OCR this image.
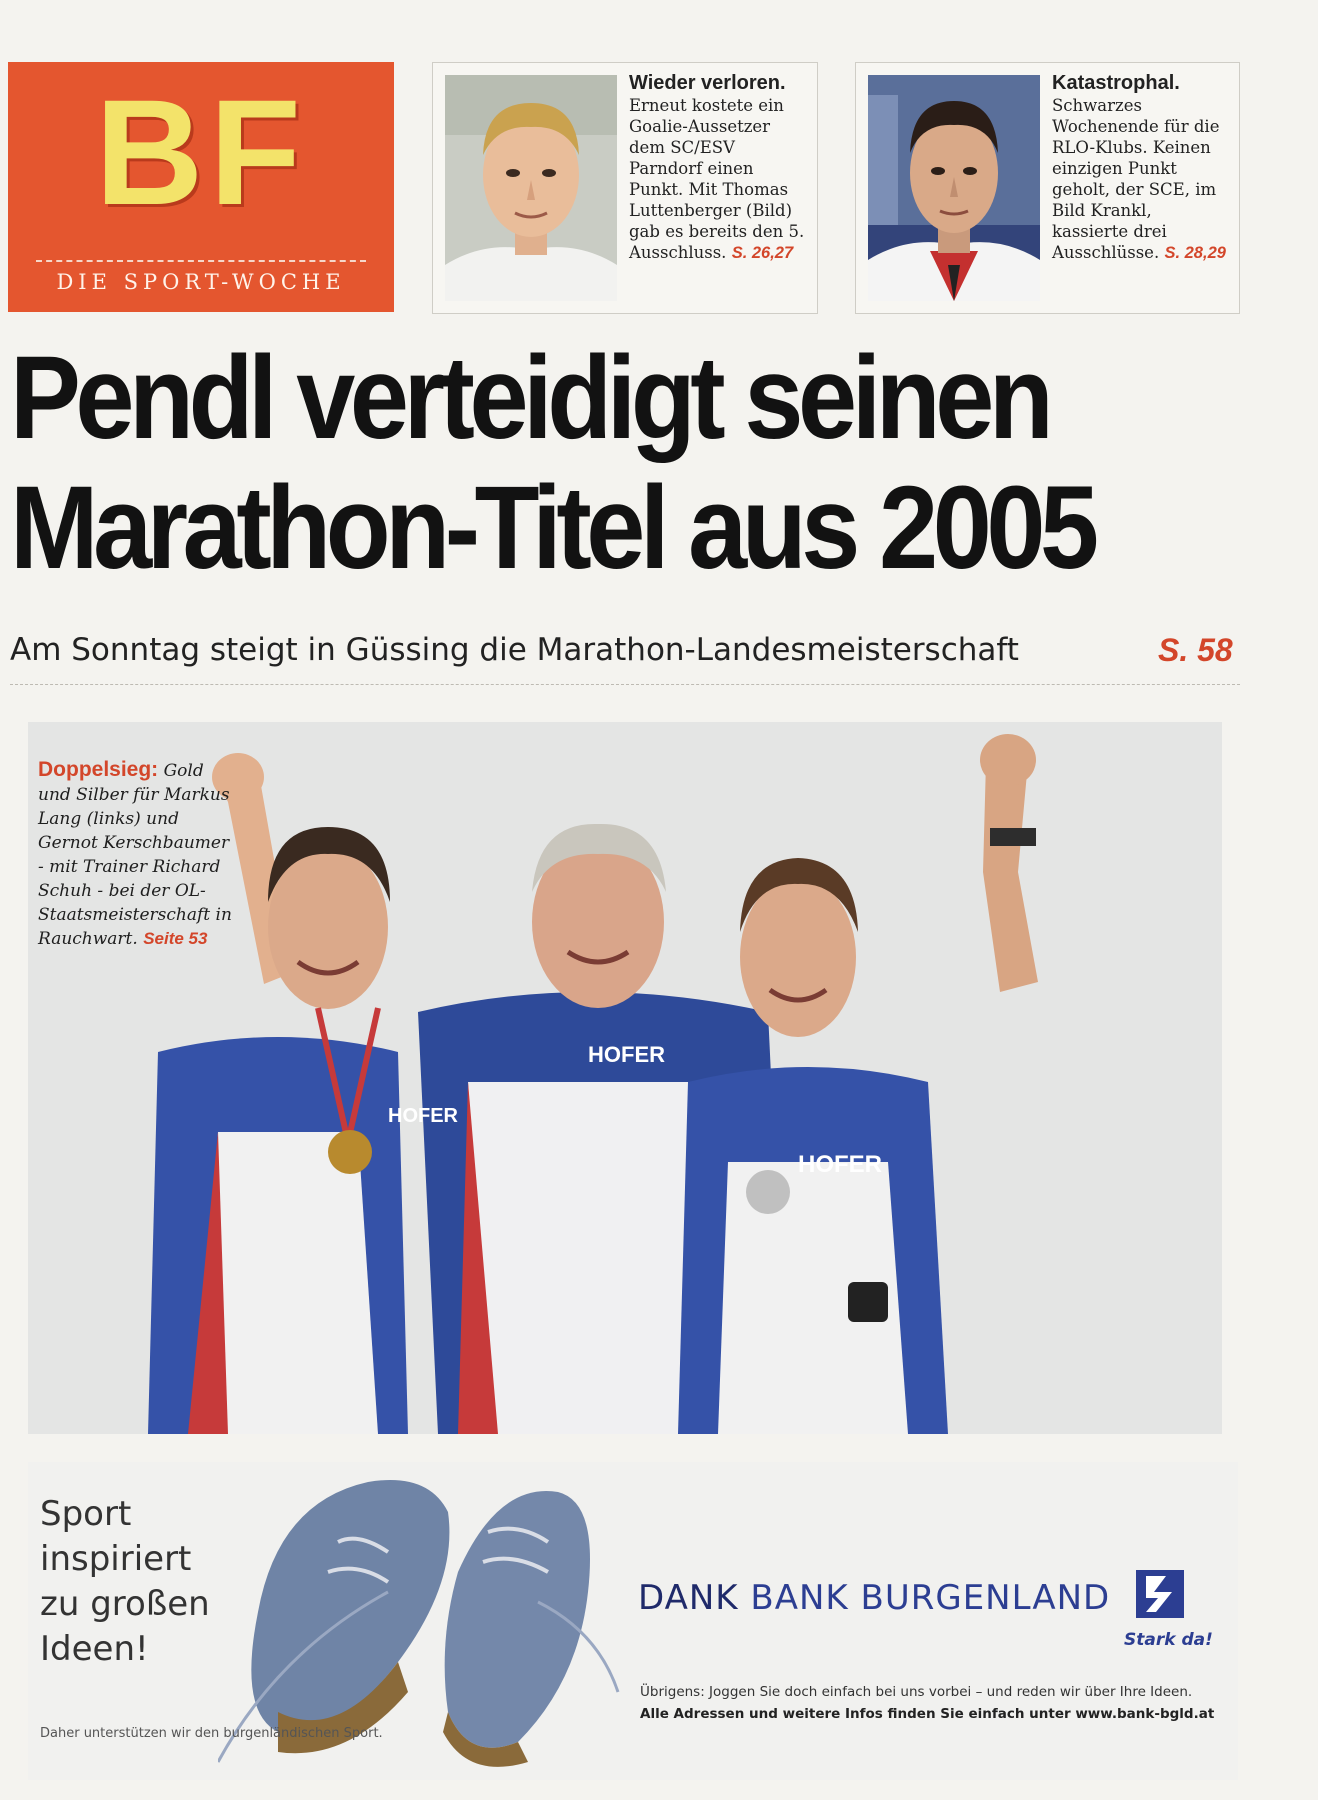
BF
DIE SPORT-WOCHE
Wieder verloren.
Erneut kostete ein Goalie-Aussetzer dem SC/ESV Parndorf einen Punkt. Mit Thomas Luttenberger (Bild) gab es bereits den 5. Ausschluss. S. 26,27
Katastrophal.
Schwarzes Wochenende für die RLO-Klubs. Keinen einzigen Punkt geholt, der SCE, im Bild Krankl, kassierte drei Ausschlüsse. S. 28,29
Pendl verteidigt seinen
Marathon-Titel aus 2005
Am Sonntag steigt in Güssing die Marathon-Landesmeisterschaft	S. 58
HOFER
HOFER
HOFER
Doppelsieg: Gold und Silber für Markus Lang (links) und Gernot Kerschbaumer - mit Trainer Richard Schuh - bei der OL-Staatsmeisterschaft in Rauchwart. Seite 53
Sport
inspiriert
zu großen
Ideen!
Daher unterstützen wir den burgenländischen Sport.
DANK BANK BURGENLAND
Stark da!
Übrigens: Joggen Sie doch einfach bei uns vorbei – und reden wir über Ihre Ideen.
Alle Adressen und weitere Infos finden Sie einfach unter www.bank-bgld.at
